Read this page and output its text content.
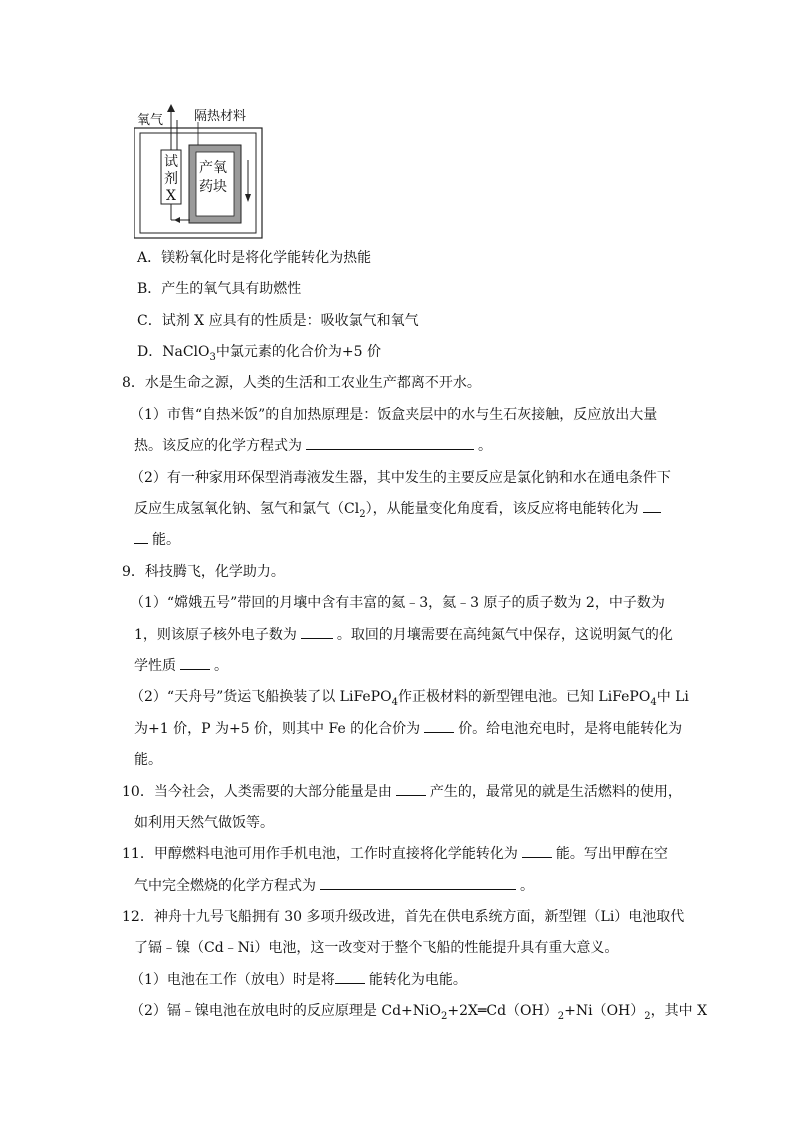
氧气 隔热材料
试
剂
X
产氧
药块
A．镁粉氧化时是将化学能转化为热能
B．产生的氧气具有助燃性
C．试剂 X 应具有的性质是：吸收氯气和氧气
D．NaClO$_3$中氯元素的化合价为+5 价
8．水是生命之源，人类的生活和工农业生产都离不开水。
（1）市售“自热米饭”的自加热原理是：饭盒夹层中的水与生石灰接触，反应放出大量
热。该反应的化学方程式为	。
（2）有一种家用环保型消毒液发生器，其中发生的主要反应是氯化钠和水在通电条件下
反应生成氢氧化钠、氢气和氯气$(Cl_2)$，从能量变化角度看，该反应将电能转化为
能。
9．科技腾飞，化学助力。
（1）“嫦娥五号”带回的月壤中含有丰富的氦﹣3，氦﹣3 原子的质子数为 2，中子数为
1，则该原子核外电子数为	。取回的月壤需要在高纯氮气中保存，这说明氮气的化
学性质	。
（2）“天舟号”货运飞船换装了以 LiFePO$_4$作正极材料的新型锂电池。已知 LiFePO$_4$中 Li
为+1 价，P 为+5 价，则其中 Fe 的化合价为	价。给电池充电时，是将电能转化为
能。
10．当今社会，人类需要的大部分能量是由	产生的，最常见的就是生活燃料的使用，
如利用天然气做饭等。
11．甲醇燃料电池可用作手机电池，工作时直接将化学能转化为	能。写出甲醇在空
气中完全燃烧的化学方程式为	。
12．神舟十九号飞船拥有 30 多项升级改进，首先在供电系统方面，新型锂（Li）电池取代
了镉﹣镍（Cd﹣Ni）电池，这一改变对于整个飞船的性能提升具有重大意义。
（1）电池在工作（放电）时是将 能转化为电能。
（2）镉﹣镍电池在放电时的反应原理是 $Cd+NiO_2+2X═Cd(OH)_2+Ni(OH)_2$，其中 X
